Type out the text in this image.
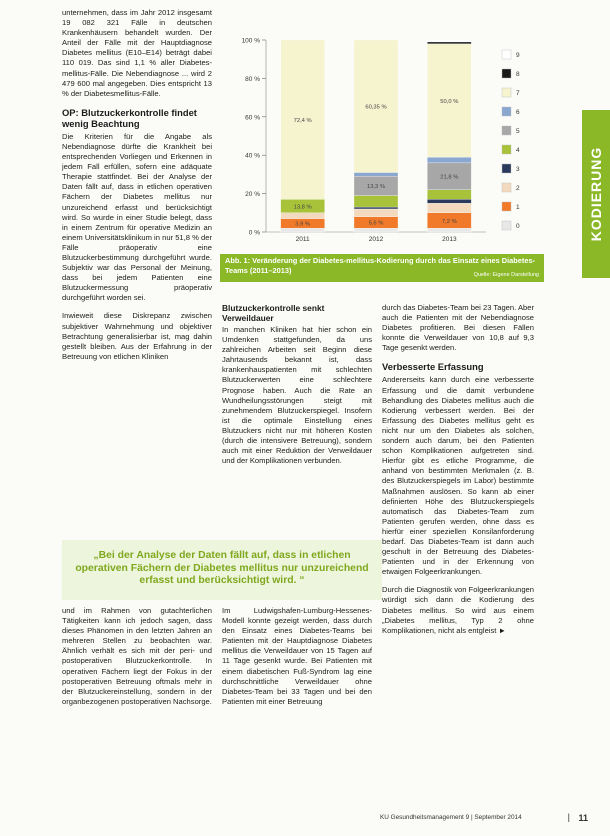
unternehmen, dass im Jahr 2012 insgesamt 19 082 321 Fälle in deutschen Krankenhäusern behandelt wurden. Der Anteil der Fälle mit der Hauptdiagnose Diabetes mellitus (E10–E14) beträgt dabei 110 019. Das sind 1,1 % aller Diabetes-mellitus-Fälle. Die Nebendiagnose ... wird 2 479 600 mal angegeben. Dies entspricht 13 % der Diabetesmellitus-Fälle.

OP: Blutzuckerkontrolle findet wenig Beachtung

Die Kriterien für die Angabe als Nebendiagnose dürfte die Krankheit bei entsprechenden Vorliegen und Erkennen in jedem Fall erfüllen, sofern eine adäquate Therapie stattfindet. Bei der Analyse der Daten fällt auf, dass in etlichen operativen Fächern der Diabetes mellitus nur unzureichend erfasst und berücksichtigt wird. So wurde in einer Studie belegt, dass in einem Zentrum für operative Medizin an einem Universitätsklinikum in nur 51,8 % der Fälle präoperativ eine Blutzuckerbestimmung durchgeführt wurde. Subjektiv war das Personal der Meinung, dass bei jedem Patienten eine Blutzuckermessung präoperativ durchgeführt worden sei.

Inwieweit diese Diskrepanz zwischen subjektiver Wahrnehmung und objektiver Betrachtung generalisierbar ist, mag dahin gestellt bleiben. Aus der Erfahrung in der Betreuung von etlichen Kliniken

0 %
20 %
40 %
60 %
80 %
100 %
2011	2012	2013
72,4 %
13,8 %
3,9 %
60,35 %
13,3 %
5,6 %
50,0 %
21,8 %
7,2 %
9
8
7
6
5
4
3
2
1
0
Abb. 1: Veränderung der Diabetes-mellitus-Kodierung durch das Einsatz eines Diabetes-Teams (2011–2013)	Quelle: Eigene Darstellung
Blutzuckerkontrolle senkt Verweildauer

In manchen Kliniken hat hier schon ein Umdenken stattgefunden, da uns zahlreichen Arbeiten seit Beginn diese Jahrtausends bekannt ist, dass krankenhauspatienten mit schlechten Blutzuckerwerten eine schlechtere Prognose haben. Auch die Rate an Wundheilungsstörungen steigt mit zunehmendem Blutzuckerspiegel. Insofern ist die optimale Einstellung eines Blutzuckers nicht nur mit höheren Kosten (durch die intensivere Betreuung), sondern auch mit einer Reduktion der Verweildauer und der Komplikationen verbunden.

durch das Diabetes-Team bei 23 Tagen. Aber auch die Patienten mit der Nebendiagnose Diabetes profitieren. Bei diesen Fällen konnte die Verweildauer von 10,8 auf 9,3 Tage gesenkt werden.

Verbesserte Erfassung

Andererseits kann durch eine verbesserte Erfassung und die damit verbundene Behandlung des Diabetes mellitus auch die Kodierung verbessert werden. Bei der Erfassung des Diabetes mellitus geht es nicht nur um den Diabetes als solchen, sondern auch darum, bei den Patienten schon Komplikationen aufgetreten sind. Hierfür gibt es etliche Programme, die anhand von bestimmten Merkmalen (z. B. des Blutzuckerspiegels im Labor) bestimmte Maßnahmen auslösen. So kann ab einer definierten Höhe des Blutzuckerspiegels automatisch das Diabetes-Team zum Patienten gerufen werden, ohne dass es hierfür einer speziellen Konsilanforderung bedarf. Das Diabetes-Team ist dann auch geschult in der Betreuung des Diabetes-Patienten und in der Erkennung von etwaigen Folgeerkrankungen.

Durch die Diagnostik von Folgeerkrankungen würdigt sich dann die Kodierung des Diabetes mellitus. So wird aus einem „Diabetes mellitus, Typ 2 ohne Komplikationen, nicht als entgleist ►

„Bei der Analyse der Daten fällt auf, dass in etlichen operativen Fächern der Diabetes mellitus nur unzureichend erfasst und berücksichtigt wird. “

und im Rahmen von gutachterlichen Tätigkeiten kann ich jedoch sagen, dass dieses Phänomen in den letzten Jahren an mehreren Stellen zu beobachten war. Ähnlich verhält es sich mit der peri- und postoperativen Blutzuckerkontrolle. In operativen Fächern liegt der Fokus in der postoperativen Betreuung oftmals mehr in der Blutzuckereinstellung, sondern in der organbezogenen postoperativen Nachsorge.

Im Ludwigshafen-Lumburg-Hessenes-Modell konnte gezeigt werden, dass durch den Einsatz eines Diabetes-Teams bei Patienten mit der Hauptdiagnose Diabetes mellitus die Verweildauer von 15 Tagen auf 11 Tage gesenkt wurde. Bei Patienten mit einem diabetischen Fuß-Syndrom lag eine durchschnittliche Verweildauer ohne Diabetes-Team bei 33 Tagen und bei den Patienten mit einer Betreuung

KODIERUNG
KU Gesundheitsmanagement 9 | September 2014	| 11
